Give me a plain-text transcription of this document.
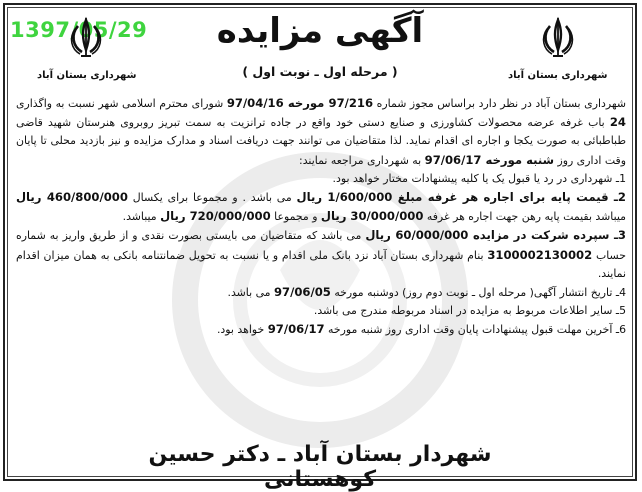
1397/05/29
شهرداری بستان آباد	شهرداری بستان آباد
آگهی مزایده
( مرحله اول ـ نوبت اول )

شهرداری بستان آباد در نظر دارد براساس مجوز شماره 97/216 مورخه 97/04/16 شورای محترم اسلامی شهر نسبت به واگذاری 24 باب غرفه عرضه محصولات کشاورزی و صنایع دستی خود واقع در جاده ترانزیت به سمت تبریز روبروی هنرستان شهید قاضی طباطبائی به صورت یکجا و اجاره ای اقدام نماید. لذا متقاضیان می توانند جهت دریافت اسناد و مدارک مزایده و نیز بازدید محلی تا پایان وقت اداری روز شنبه مورخه 97/06/17 به شهرداری مراجعه نمایند:

1ـ شهرداری در رد یا قبول یک یا کلیه پیشنهادات مختار خواهد بود.

2ـ قیمت پایه برای اجاره هر غرفه مبلغ 1/600/000 ریال می باشد . و مجموعا برای یکسال 460/800/000 ریال میباشد بقیمت پایه رهن جهت اجاره هر غرفه 30/000/000 ریال و مجموعا 720/000/000 ریال میباشد.

3ـ سپرده شرکت در مزایده 60/000/000 ریال می باشد که متقاضیان می بایستی بصورت نقدی و از طریق واریز به شماره حساب 3100002130002 بنام شهرداری بستان آباد نزد بانک ملی اقدام و یا نسبت به تحویل ضمانتنامه بانکی به همان میزان اقدام نمایند.

4ـ تاریخ انتشار آگهی( مرحله اول ـ نوبت دوم روز) دوشنبه مورخه 97/06/05 می باشد.

5ـ سایر اطلاعات مربوط به مزایده در اسناد مربوطه مندرج می باشد.

6ـ آخرین مهلت قبول پیشنهادات پایان وقت اداری روز شنبه مورخه 97/06/17 خواهد بود.

شهردار بستان آباد ـ دکتر حسین کوهستانی
